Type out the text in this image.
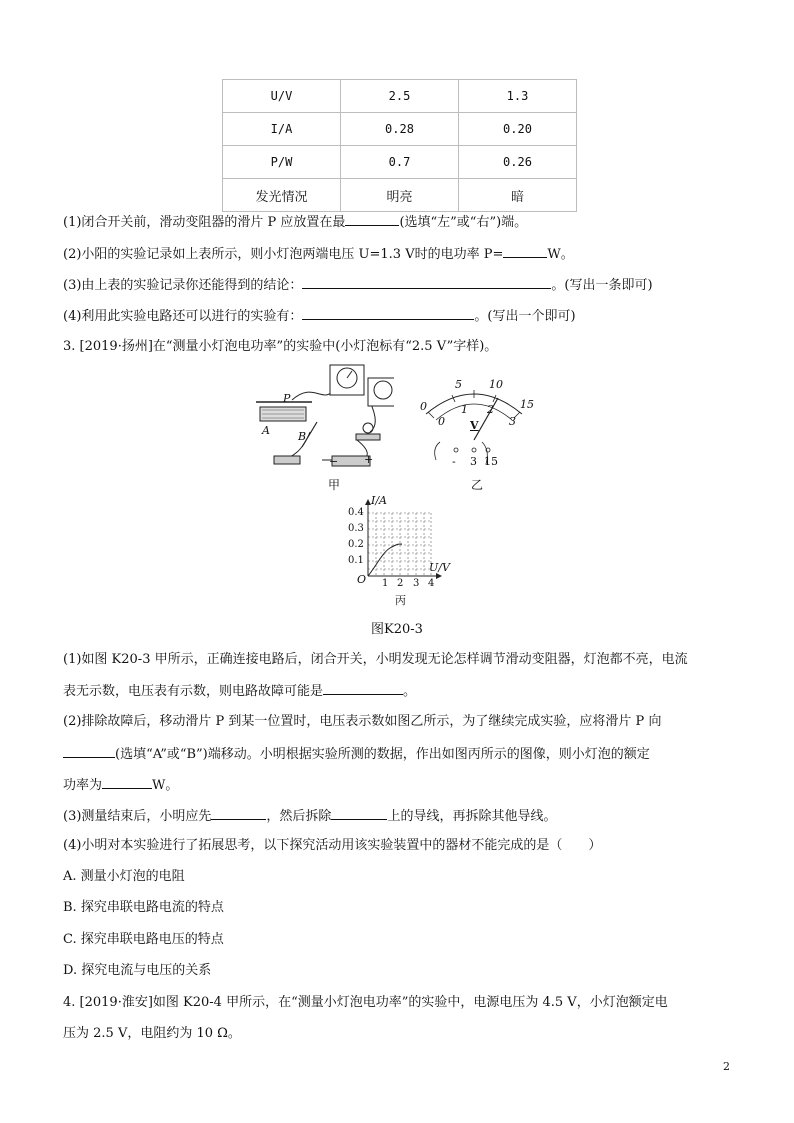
U/V	2.5	1.3
I/A	0.28	0.20
P/W	0.7	0.26
发光情况	明亮	暗
(1)闭合开关前，滑动变阻器的滑片 P 应放置在最	(选填“左”或“右”)端。
(2)小阳的实验记录如上表所示，则小灯泡两端电压 U=1.3 V时的电功率 P=	W。
(3)由上表的实验记录你还能得到的结论：	。(写出一条即可)
(4)利用此实验电路还可以进行的实验有：	。(写出一个即可)
3. [2019·扬州]在“测量小灯泡电功率”的实验中(小灯泡标有“2.5 V”字样)。
P
A	B
− +
甲
0
5 10
15
0
1 2
3
V
- 3 15
乙
I/A
U/V
O
0.4
0.3
0.2
0.1
1 2 3 4
丙
图K20-3
(1)如图 K20-3 甲所示，正确连接电路后，闭合开关，小明发现无论怎样调节滑动变阻器，灯泡都不亮，电流
表无示数，电压表有示数，则电路故障可能是	。
(2)排除故障后，移动滑片 P 到某一位置时，电压表示数如图乙所示，为了继续完成实验，应将滑片 P 向
(选填“A”或“B”)端移动。小明根据实验所测的数据，作出如图丙所示的图像，则小灯泡的额定
功率为	W。
(3)测量结束后，小明应先	，然后拆除	上的导线，再拆除其他导线。
(4)小明对本实验进行了拓展思考，以下探究活动用该实验装置中的器材不能完成的是（　　）
A. 测量小灯泡的电阻
B. 探究串联电路电流的特点
C. 探究串联电路电压的特点
D. 探究电流与电压的关系
4. [2019·淮安]如图 K20-4 甲所示，在“测量小灯泡电功率”的实验中，电源电压为 4.5 V，小灯泡额定电
压为 2.5 V，电阻约为 10 Ω。
2
